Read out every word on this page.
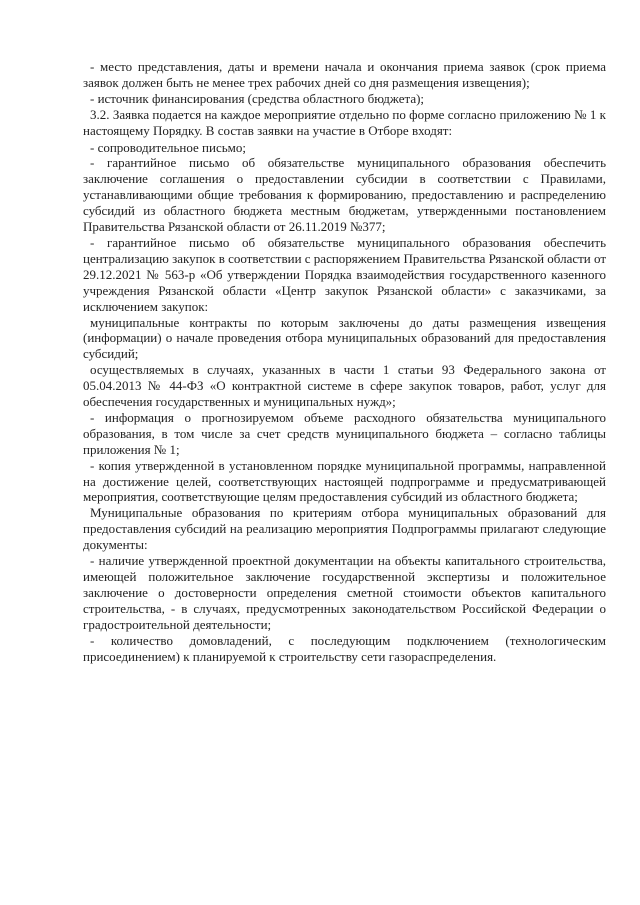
- место представления, даты и времени начала и окончания приема заявок (срок приема заявок должен быть не менее трех рабочих дней со дня размещения извещения);

- источник финансирования (средства областного бюджета);

3.2. Заявка подается на каждое мероприятие отдельно по форме согласно приложению № 1 к настоящему Порядку. В состав заявки на участие в Отборе входят:

- сопроводительное письмо;

- гарантийное письмо об обязательстве муниципального образования обеспечить заключение соглашения о предоставлении субсидии в соответствии с Правилами, устанавливающими общие требования к формированию, предоставлению и распределению субсидий из областного бюджета местным бюджетам, утвержденными постановлением Правительства Рязанской области от 26.11.2019 №377;

- гарантийное письмо об обязательстве муниципального образования обеспечить централизацию закупок в соответствии с распоряжением Правительства Рязанской области от 29.12.2021 № 563-р «Об утверждении Порядка взаимодействия государственного казенного учреждения Рязанской области «Центр закупок Рязанской области» с заказчиками, за исключением закупок:

муниципальные контракты по которым заключены до даты размещения извещения (информации) о начале проведения отбора муниципальных образований для предоставления субсидий;

осуществляемых в случаях, указанных в части 1 статьи 93 Федерального закона от 05.04.2013 № 44-ФЗ «О контрактной системе в сфере закупок товаров, работ, услуг для обеспечения государственных и муниципальных нужд»;

- информация о прогнозируемом объеме расходного обязательства муниципального образования, в том числе за счет средств муниципального бюджета – согласно таблицы приложения № 1;

- копия утвержденной в установленном порядке муниципальной программы, направленной на достижение целей, соответствующих настоящей подпрограмме и предусматривающей мероприятия, соответствующие целям предоставления субсидий из областного бюджета;

Муниципальные образования по критериям отбора муниципальных образований для предоставления субсидий на реализацию мероприятия Подпрограммы прилагают следующие документы:

- наличие утвержденной проектной документации на объекты капитального строительства, имеющей положительное заключение государственной экспертизы и положительное заключение о достоверности определения сметной стоимости объектов капитального строительства, - в случаях, предусмотренных законодательством Российской Федерации о градостроительной деятельности;

- количество домовладений, с последующим подключением (технологическим присоединением) к планируемой к строительству сети газораспределения.
